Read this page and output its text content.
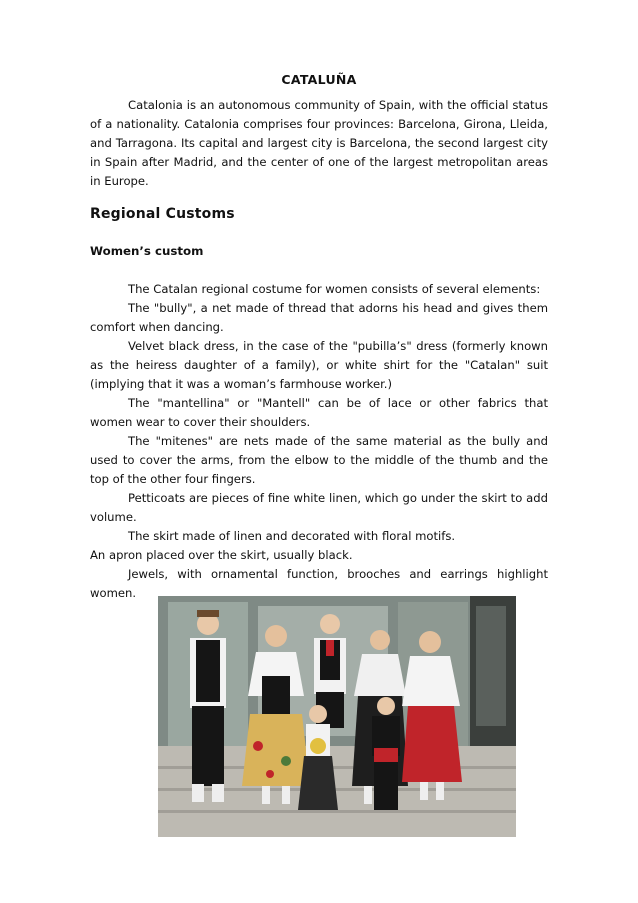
CATALUÑA

Catalonia is an autonomous community of Spain, with the official status of a nationality. Catalonia comprises four provinces: Barcelona, Girona, Lleida, and Tarragona. Its capital and largest city is Barcelona, the second largest city in Spain after Madrid, and the center of one of the largest metropolitan areas in Europe.

Regional Customs
Women’s custom

The Catalan regional costume for women consists of several elements:

The "bully", a net made of thread that adorns his head and gives them comfort when dancing.

Velvet black dress, in the case of the "pubilla’s" dress (formerly known as the heiress daughter of a family), or white shirt for the "Catalan" suit (implying that it was a woman’s farmhouse worker.)

The "mantellina" or "Mantell" can be of lace or other fabrics that women wear to cover their shoulders.

The "mitenes" are nets made of the same material as the bully and used to cover the arms, from the elbow to the middle of the thumb and the top of the other four fingers.

Petticoats are pieces of fine white linen, which go under the skirt to add volume.

The skirt made of linen and decorated with floral motifs.

An apron placed over the skirt, usually black.

Jewels, with ornamental function, brooches and earrings highlight women.
